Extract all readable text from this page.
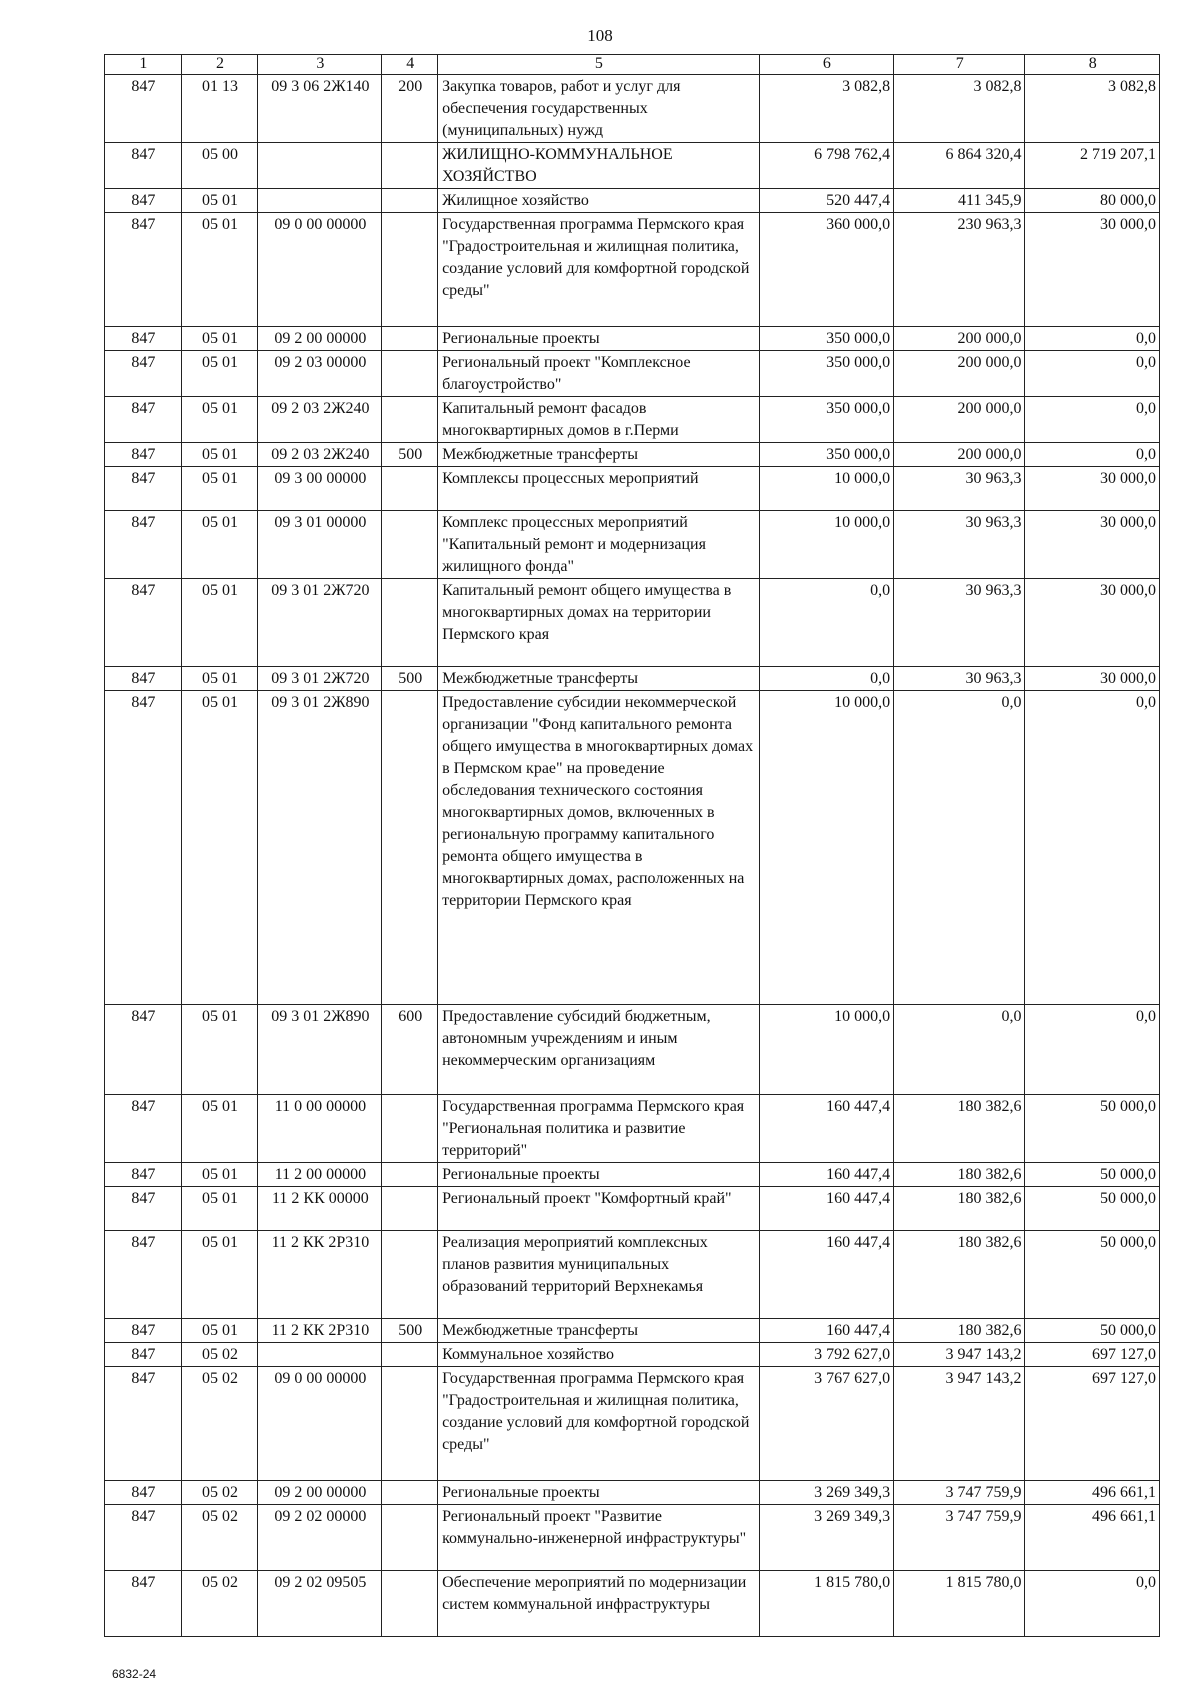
108
1	2	3	4	5	6	7	8
847	01 13	09 3 06 2Ж140	200	Закупка товаров, работ и услуг для обеспечения государственных (муниципальных) нужд	3 082,8	3 082,8	3 082,8
847	05 00			ЖИЛИЩНО-КОММУНАЛЬНОЕ ХОЗЯЙСТВО	6 798 762,4	6 864 320,4	2 719 207,1
847	05 01			Жилищное хозяйство	520 447,4	411 345,9	80 000,0
847	05 01	09 0 00 00000		Государственная программа Пермского края "Градостроительная и жилищная политика, создание условий для комфортной городской среды"	360 000,0	230 963,3	30 000,0
847	05 01	09 2 00 00000		Региональные проекты	350 000,0	200 000,0	0,0
847	05 01	09 2 03 00000		Региональный проект "Комплексное благоустройство"	350 000,0	200 000,0	0,0
847	05 01	09 2 03 2Ж240		Капитальный ремонт фасадов многоквартирных домов в г.Перми	350 000,0	200 000,0	0,0
847	05 01	09 2 03 2Ж240	500	Межбюджетные трансферты	350 000,0	200 000,0	0,0
847	05 01	09 3 00 00000		Комплексы процессных мероприятий	10 000,0	30 963,3	30 000,0
847	05 01	09 3 01 00000		Комплекс процессных мероприятий "Капитальный ремонт и модернизация жилищного фонда"	10 000,0	30 963,3	30 000,0
847	05 01	09 3 01 2Ж720		Капитальный ремонт общего имущества в многоквартирных домах на территории Пермского края	0,0	30 963,3	30 000,0
847	05 01	09 3 01 2Ж720	500	Межбюджетные трансферты	0,0	30 963,3	30 000,0
847	05 01	09 3 01 2Ж890		Предоставление субсидии некоммерческой организации "Фонд капитального ремонта общего имущества в многоквартирных домах в Пермском крае" на проведение обследования технического состояния многоквартирных домов, включенных в региональную программу капитального ремонта общего имущества в многоквартирных домах, расположенных на территории Пермского края	10 000,0	0,0	0,0
847	05 01	09 3 01 2Ж890	600	Предоставление субсидий бюджетным, автономным учреждениям и иным некоммерческим организациям	10 000,0	0,0	0,0
847	05 01	11 0 00 00000		Государственная программа Пермского края "Региональная политика и развитие территорий"	160 447,4	180 382,6	50 000,0
847	05 01	11 2 00 00000		Региональные проекты	160 447,4	180 382,6	50 000,0
847	05 01	11 2 КК 00000		Региональный проект "Комфортный край"	160 447,4	180 382,6	50 000,0
847	05 01	11 2 КК 2Р310		Реализация мероприятий комплексных планов развития муниципальных образований территорий Верхнекамья	160 447,4	180 382,6	50 000,0
847	05 01	11 2 КК 2Р310	500	Межбюджетные трансферты	160 447,4	180 382,6	50 000,0
847	05 02			Коммунальное хозяйство	3 792 627,0	3 947 143,2	697 127,0
847	05 02	09 0 00 00000		Государственная программа Пермского края "Градостроительная и жилищная политика, создание условий для комфортной городской среды"	3 767 627,0	3 947 143,2	697 127,0
847	05 02	09 2 00 00000		Региональные проекты	3 269 349,3	3 747 759,9	496 661,1
847	05 02	09 2 02 00000		Региональный проект "Развитие коммунально-инженерной инфраструктуры"	3 269 349,3	3 747 759,9	496 661,1
847	05 02	09 2 02 09505		Обеспечение мероприятий по модернизации систем коммунальной инфраструктуры	1 815 780,0	1 815 780,0	0,0
6832-24
